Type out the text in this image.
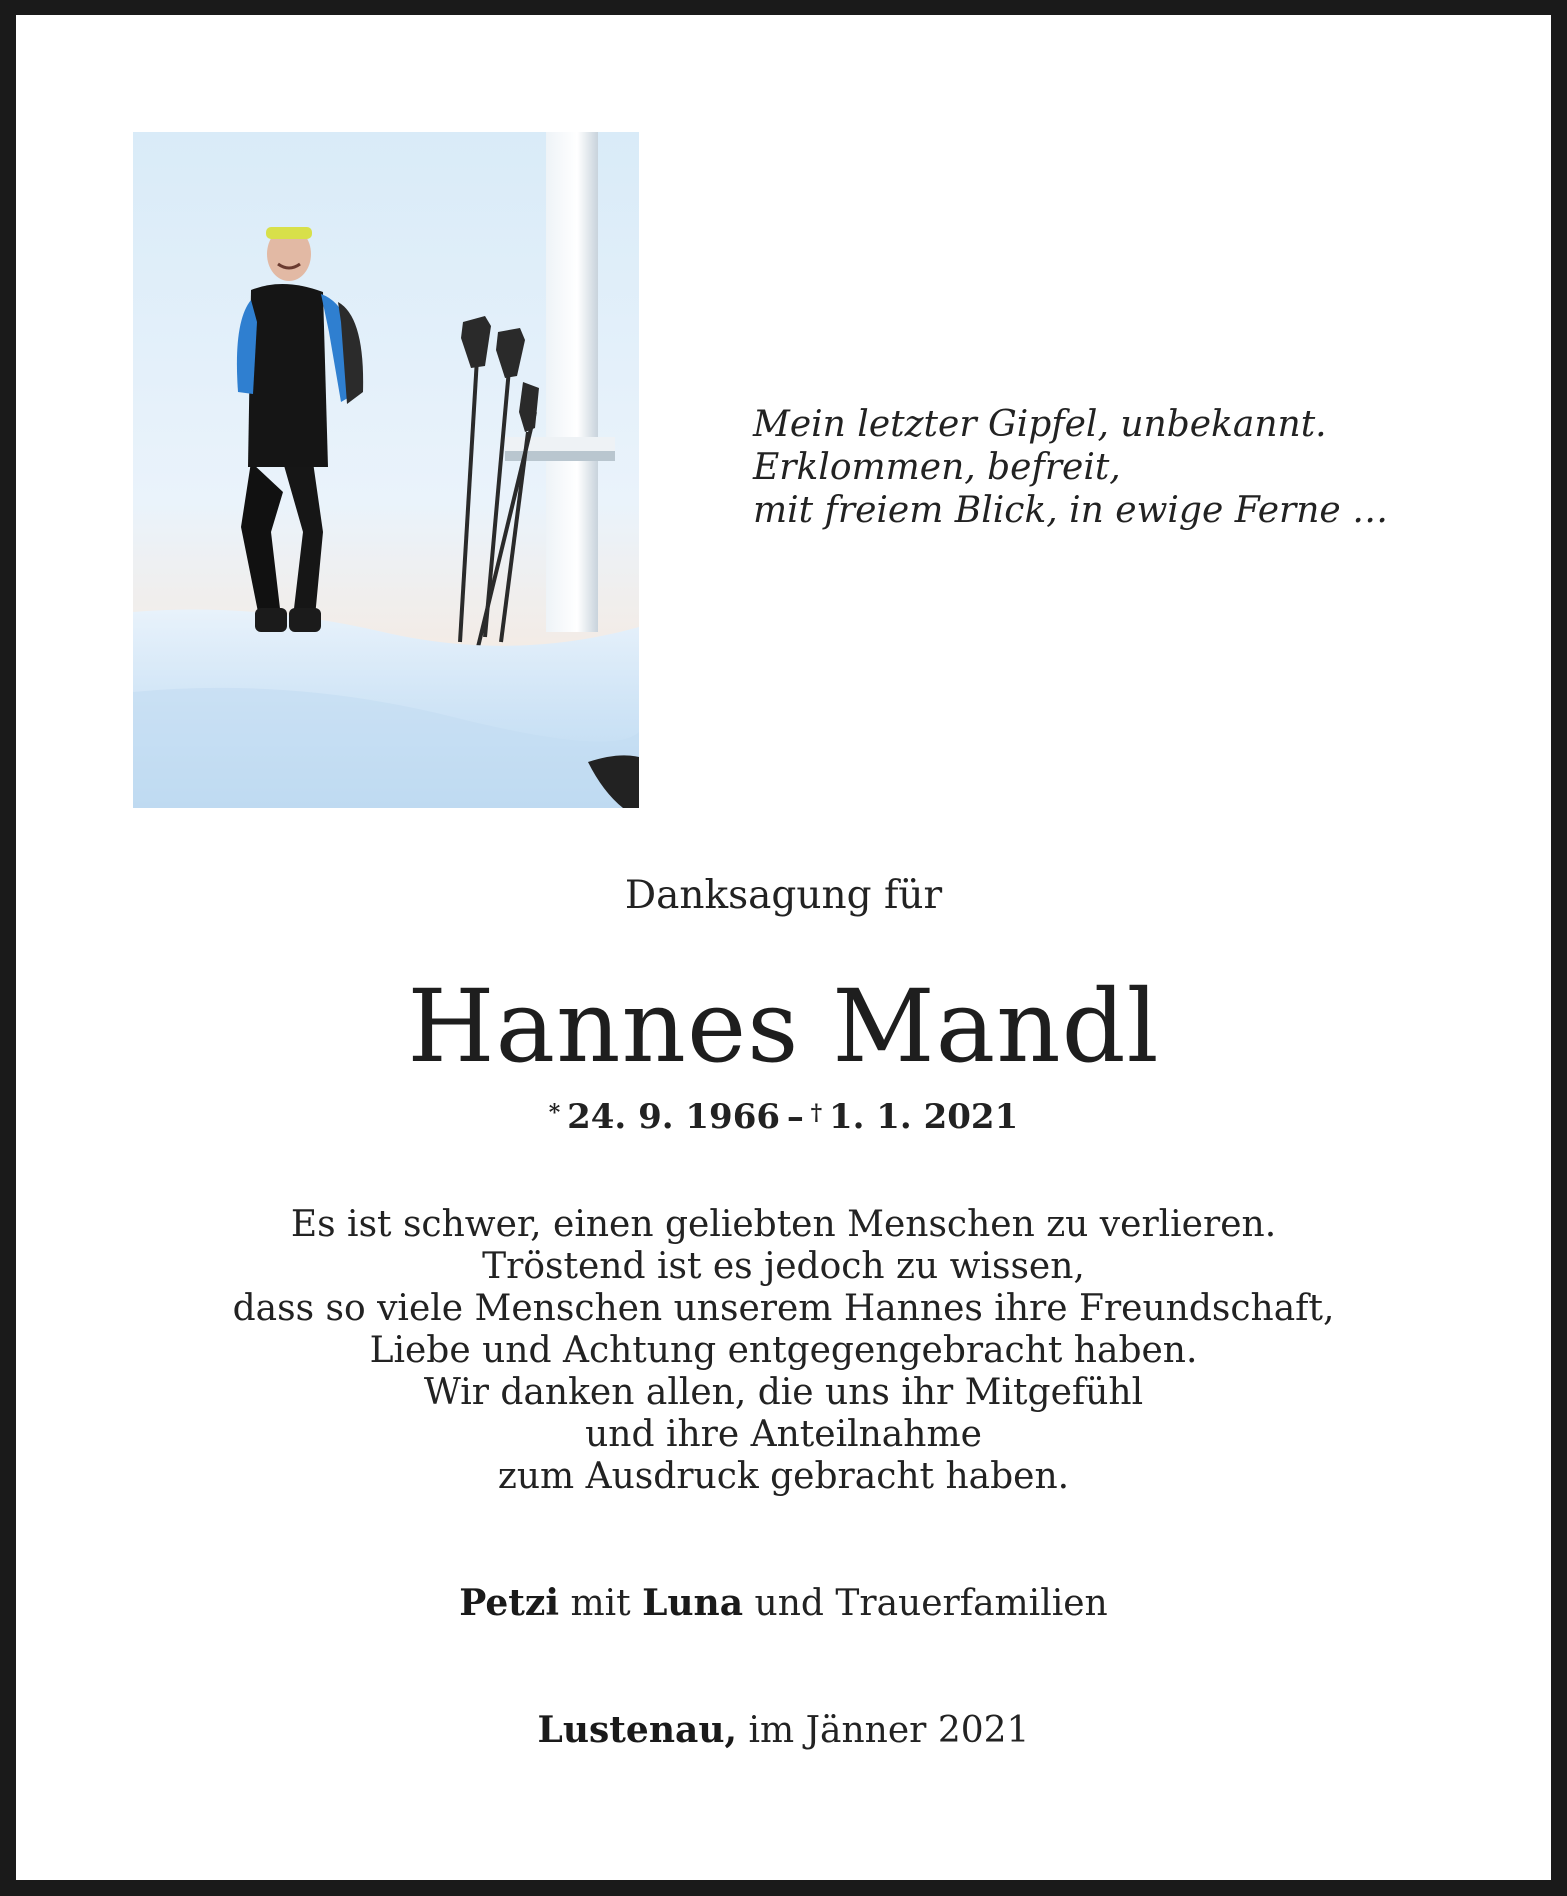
Mein letzter Gipfel, unbekannt.
Erklommen, befreit,
mit freiem Blick, in ewige Ferne …
Danksagung für
Hannes Mandl
*  24. 9. 1966  –  †  1. 1. 2021
Es ist schwer, einen geliebten Menschen zu verlieren.
Tröstend ist es jedoch zu wissen,
dass so viele Menschen unserem Hannes ihre Freundschaft,
Liebe und Achtung entgegengebracht haben.
Wir danken allen, die uns ihr Mitgefühl
und ihre Anteilnahme
zum Ausdruck gebracht haben.
Petzi mit Luna und Trauerfamilien
Lustenau, im Jänner 2021
